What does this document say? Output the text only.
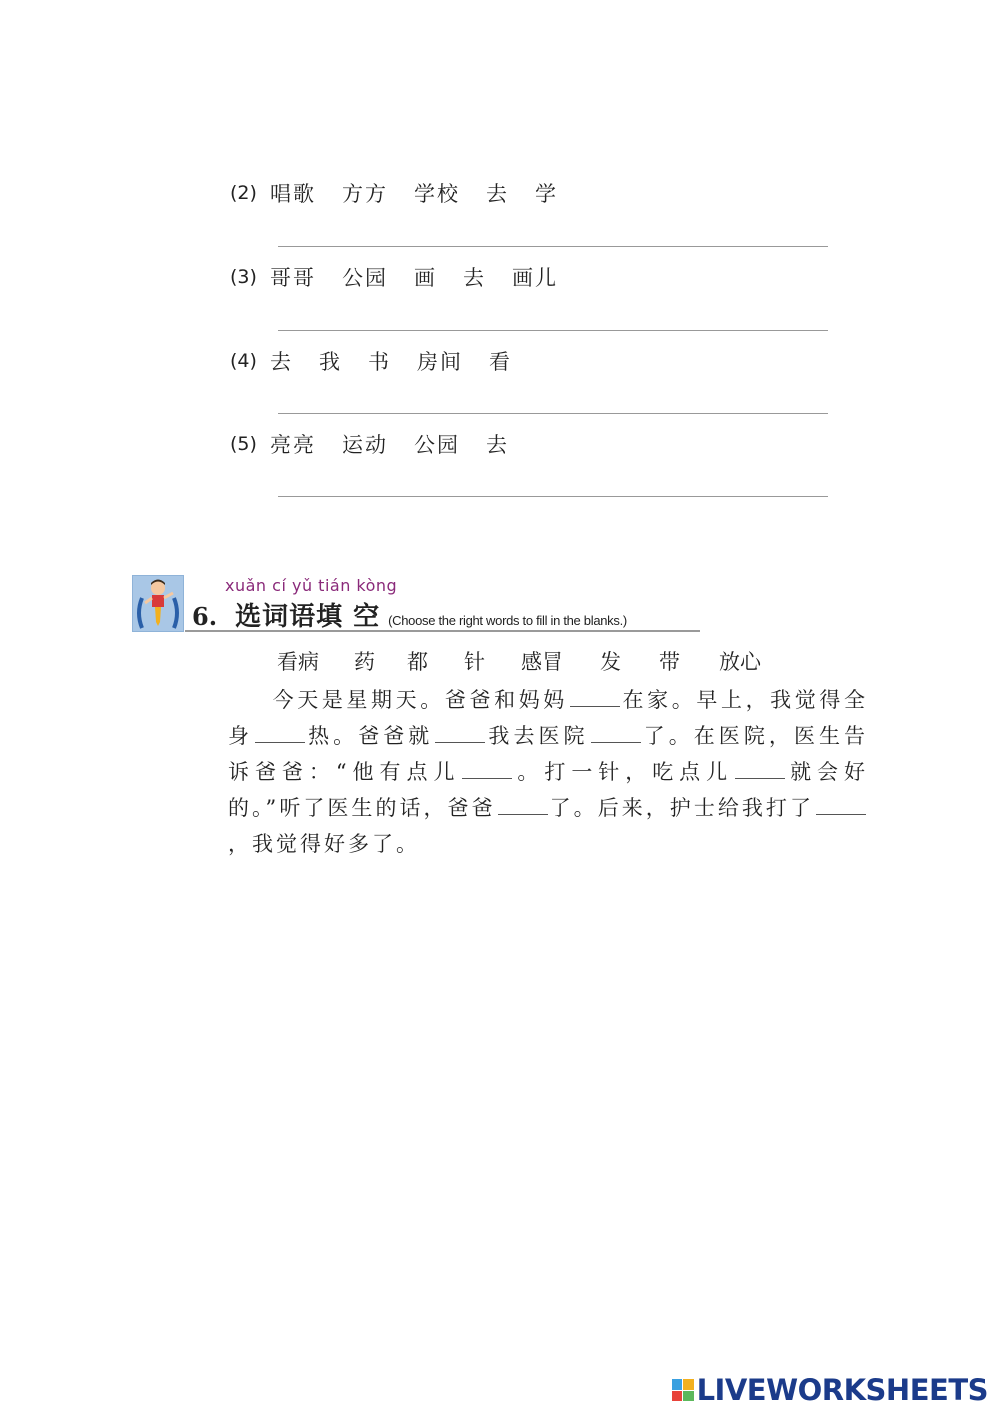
(2) 唱歌 方方 学校 去 学
(3) 哥哥 公园 画 去 画儿
(4) 去 我 书 房间 看
(5) 亮亮 运动 公园 去
xuǎn cí yǔ tián kòng
6. 选词语填 空 (Choose the right words to fill in the blanks.)
看病	药	都	针	感冒	发	带	放心
今天是星期天。爸爸和妈妈	在家。早上，我觉得全身	热。爸爸就	我去医院	了。在医院，医生告诉爸爸：“他有点儿	。打一针，吃点儿	就会好的。”听了医生的话，爸爸	了。后来，护士给我打了，我觉得好多了。
LIVEWORKSHEETS
